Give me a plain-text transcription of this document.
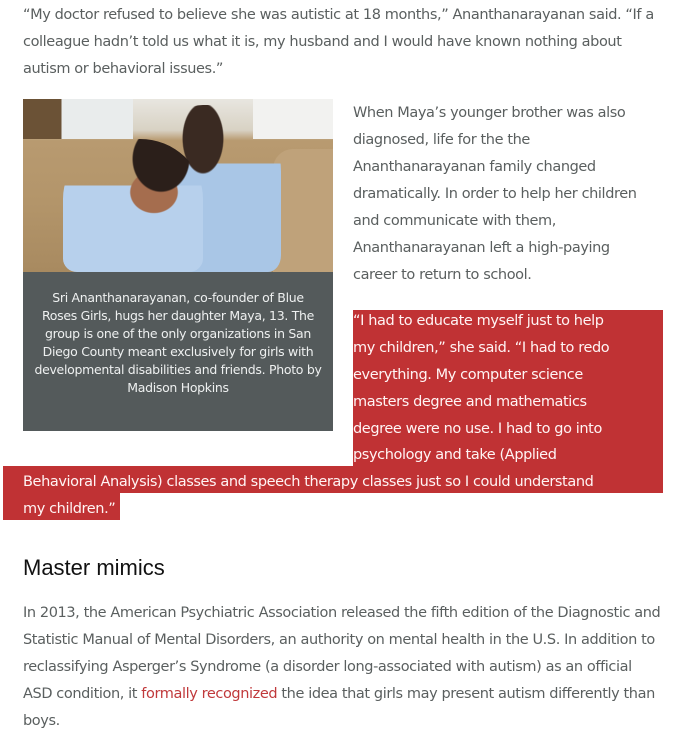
“My doctor refused to believe she was autistic at 18 months,” Ananthanarayanan said. “If a colleague hadn’t told us what it is, my husband and I would have known nothing about autism or behavioral issues.”

Sri Ananthanarayanan, co-founder of Blue Roses Girls, hugs her daughter Maya, 13. The group is one of the only organizations in San Diego County meant exclusively for girls with developmental disabilities and friends. Photo by Madison Hopkins

When Maya’s younger brother was also diagnosed, life for the the Ananthanarayanan family changed dramatically. In order to help her children and communicate with them, Ananthanarayanan left a high-paying career to return to school.

“I had to educate myself just to help
my children,” she said. “I had to redo
everything. My computer science
masters degree and mathematics
degree were no use. I had to go into
psychology and take (Applied
Behavioral Analysis) classes and speech therapy classes just so I could understand
my children.”
Master mimics

In 2013, the American Psychiatric Association released the fifth edition of the Diagnostic and Statistic Manual of Mental Disorders, an authority on mental health in the U.S. In addition to reclassifying Asperger’s Syndrome (a disorder long-associated with autism) as an official ASD condition, it formally recognized the idea that girls may present autism differently than boys.
